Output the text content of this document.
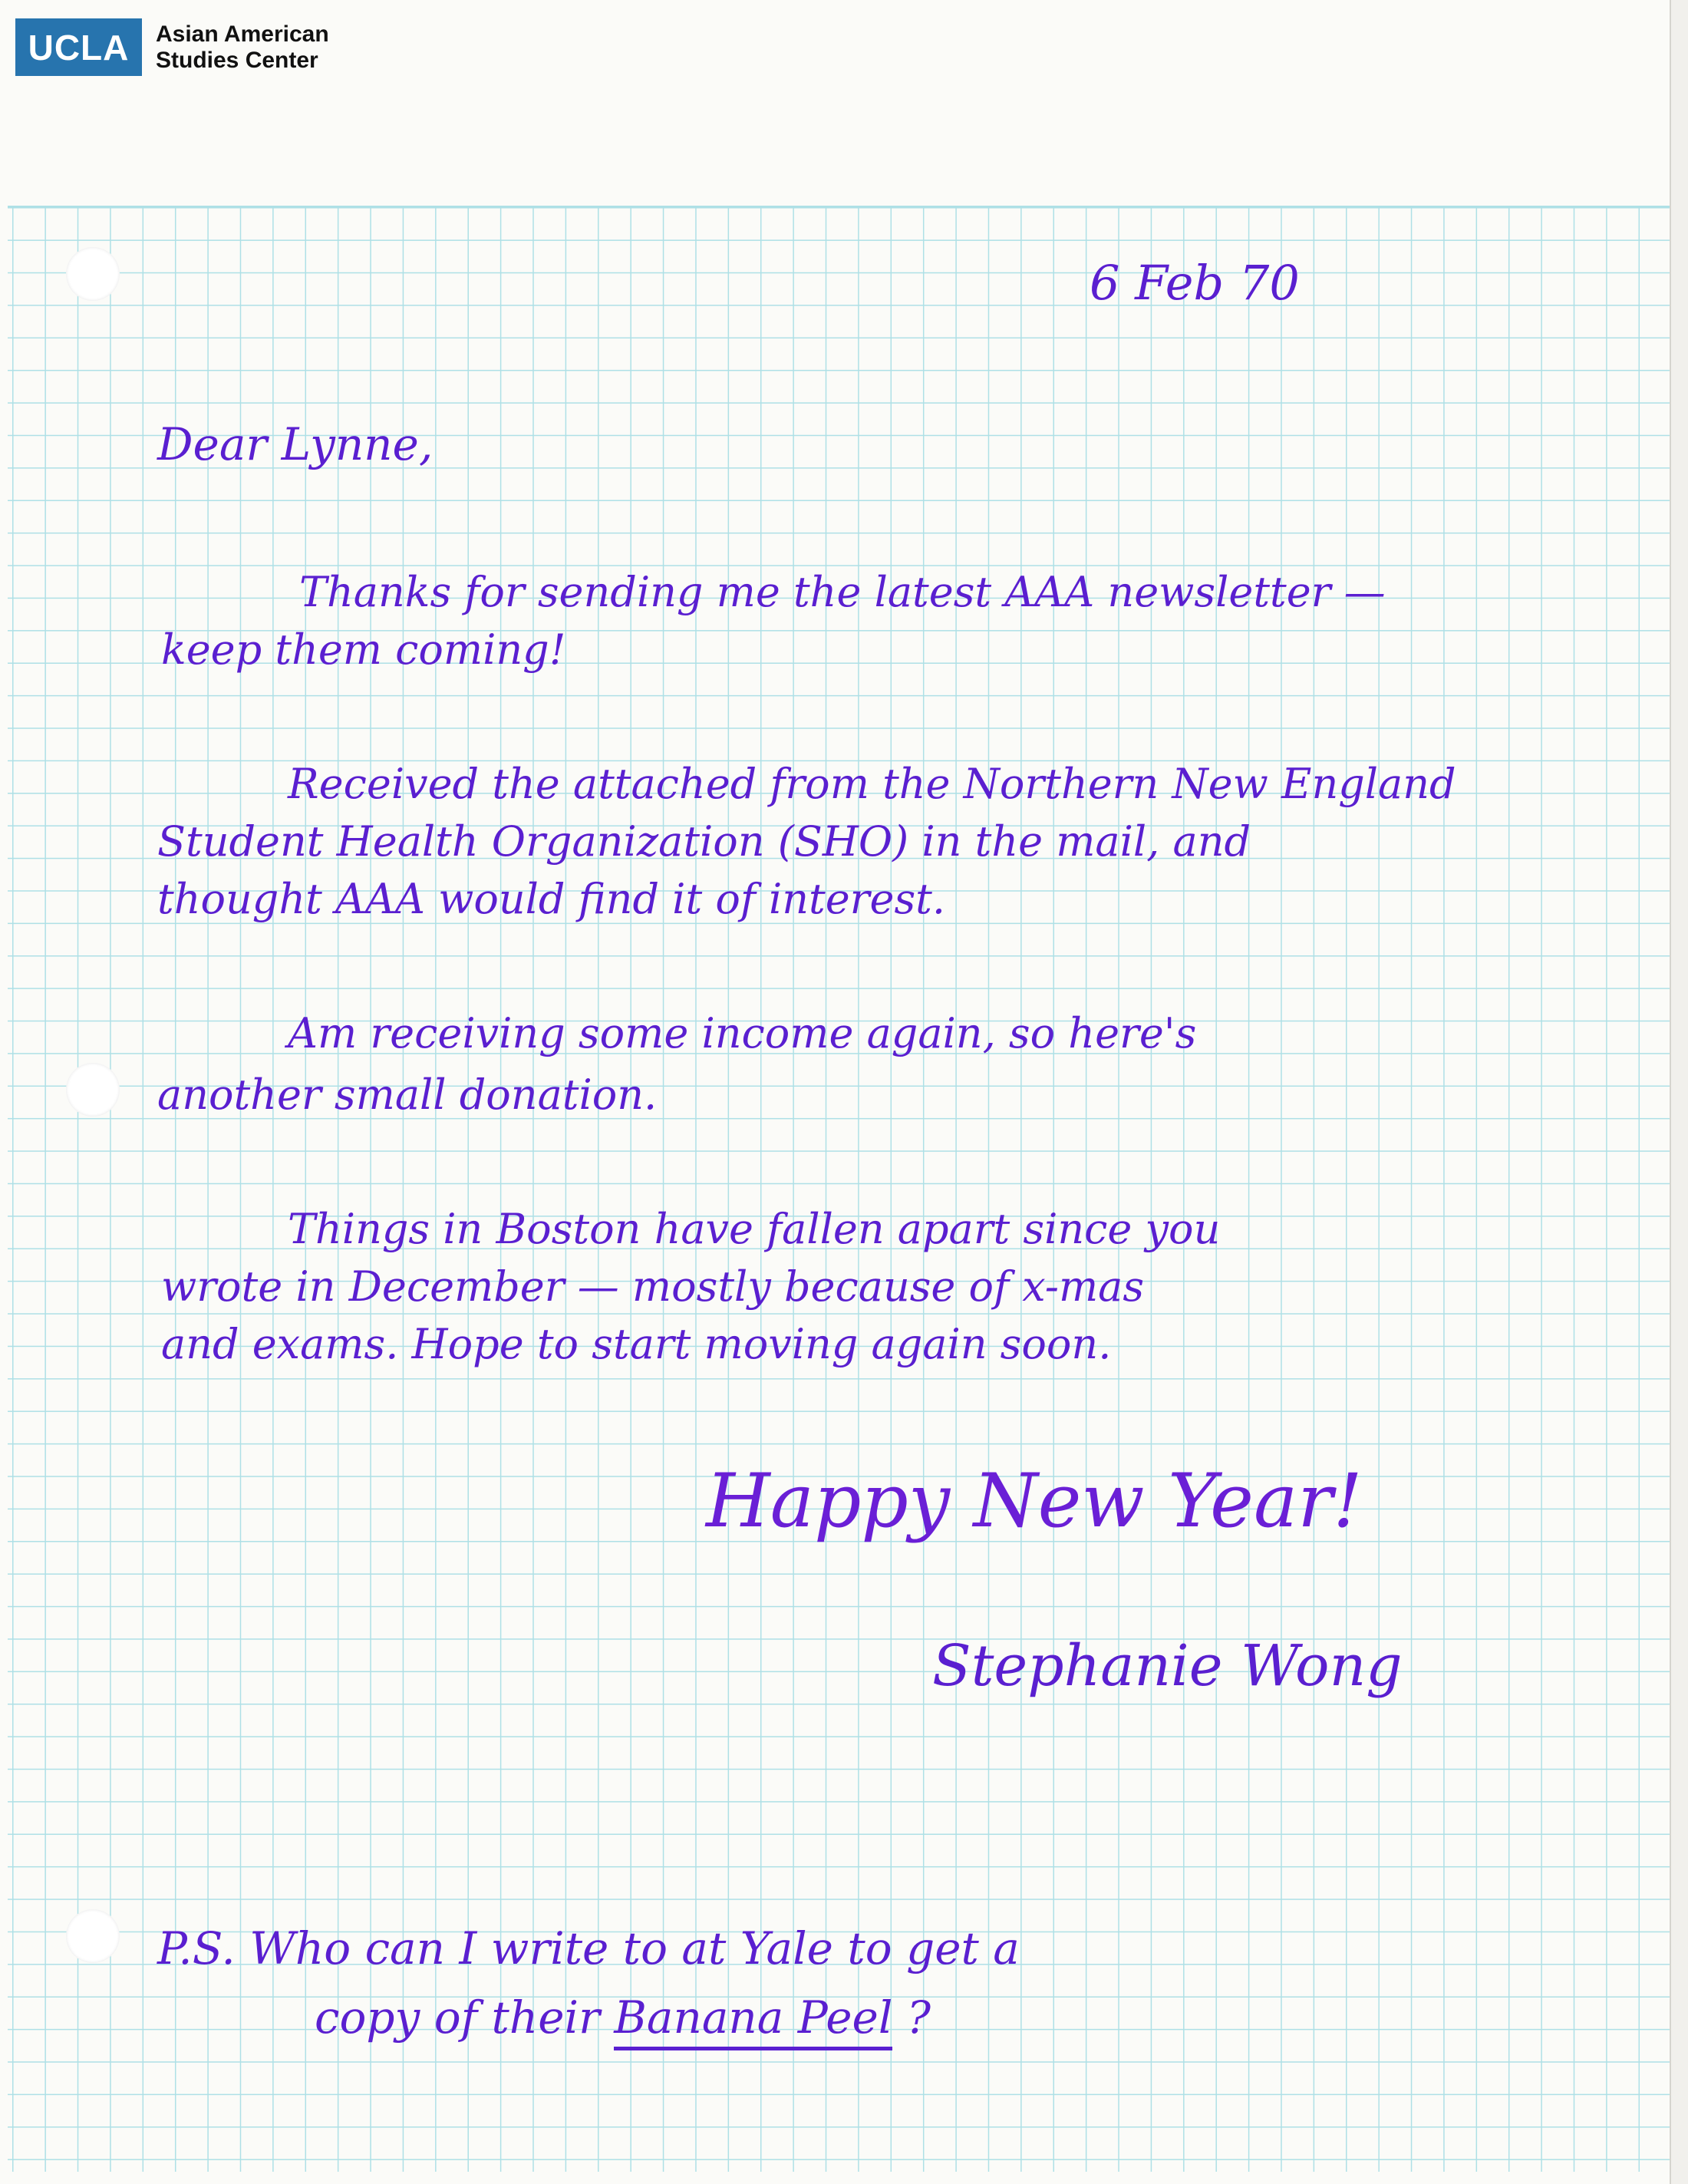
UCLA	Asian American
Studies Center
6 Feb 70
Dear Lynne,
Thanks for sending me the latest AAA newsletter —
keep them coming!
Received the attached from the Northern New England
Student Health Organization (SHO) in the mail, and
thought AAA would find it of interest.
Am receiving some income again, so here's
another small donation.
Things in Boston have fallen apart since you
wrote in December — mostly because of x-mas
and exams. Hope to start moving again soon.
Happy New Year!
Stephanie Wong
P.S. Who can I write to at Yale to get a
copy of their Banana Peel ?
